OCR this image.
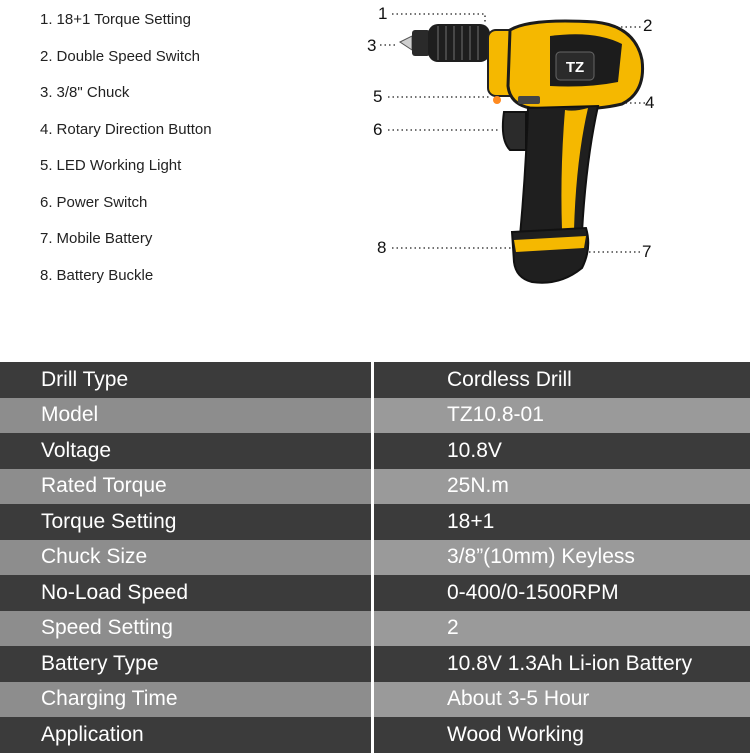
1. 18+1 Torque Setting
2. Double Speed Switch
3. 3/8" Chuck
4. Rotary Direction Button
5. LED Working Light
6. Power Switch
7. Mobile Battery
8. Battery Buckle
TZ
1
2
3
4
5
6
7
8
Drill Type	Cordless Drill
Model	TZ10.8-01
Voltage	10.8V
Rated Torque	25N.m
Torque Setting	18+1
Chuck Size	3/8”(10mm) Keyless
No-Load Speed	0-400/0-1500RPM
Speed Setting	2
Battery Type	10.8V 1.3Ah Li-ion Battery
Charging Time	About 3-5 Hour
Application	Wood Working
